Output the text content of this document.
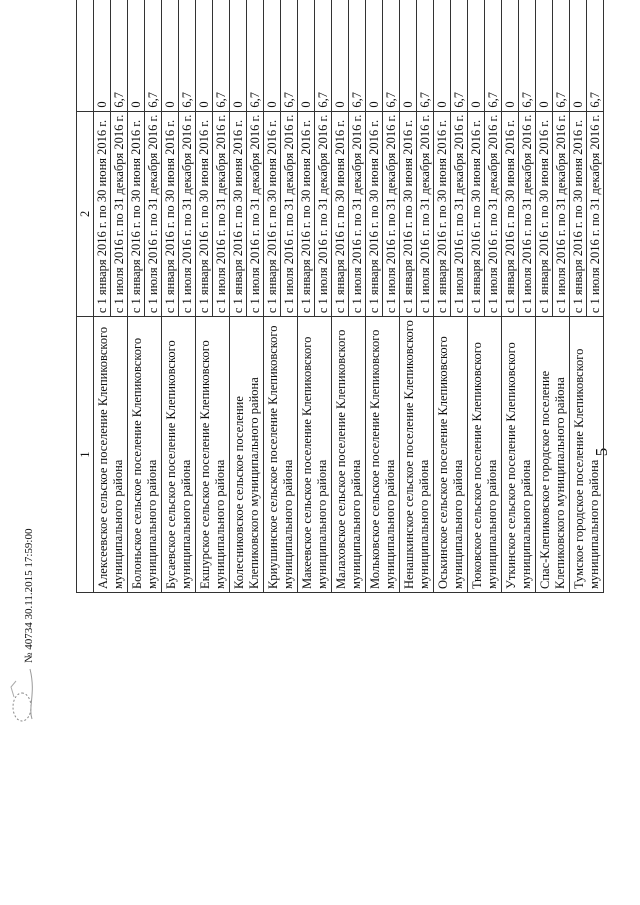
5
1	2	

Алексеевское сельское поселение Клепиковского муниципального района	с 1 января 2016 г. по 30 июня 2016 г.	0
	с 1 июля 2016 г. по 31 декабря 2016 г.	6,7

Болоньское сельское поселение Клепиковского муниципального района	с 1 января 2016 г. по 30 июня 2016 г.	0
	с 1 июля 2016 г. по 31 декабря 2016 г.	6,7

Бусаевское сельское поселение Клепиковского муниципального района	с 1 января 2016 г. по 30 июня 2016 г.	0
	с 1 июля 2016 г. по 31 декабря 2016 г.	6,7

Екшурское сельское поселение Клепиковского муниципального района	с 1 января 2016 г. по 30 июня 2016 г.	0
	с 1 июля 2016 г. по 31 декабря 2016 г.	6,7

Колесниковское сельское поселение Клепиковского муниципального района	с 1 января 2016 г. по 30 июня 2016 г.	0
	с 1 июля 2016 г. по 31 декабря 2016 г.	6,7

Криушинское сельское поселение Клепиковского муниципального района	с 1 января 2016 г. по 30 июня 2016 г.	0
	с 1 июля 2016 г. по 31 декабря 2016 г.	6,7

Макеевское сельское поселение Клепиковского муниципального района	с 1 января 2016 г. по 30 июня 2016 г.	0
	с 1 июля 2016 г. по 31 декабря 2016 г.	6,7

Малаховское сельское поселение Клепиковского муниципального района	с 1 января 2016 г. по 30 июня 2016 г.	0
	с 1 июля 2016 г. по 31 декабря 2016 г.	6,7

Мольковское сельское поселение Клепиковского муниципального района	с 1 января 2016 г. по 30 июня 2016 г.	0
	с 1 июля 2016 г. по 31 декабря 2016 г.	6,7

Ненашкинское сельское поселение Клепиковского муниципального района	с 1 января 2016 г. по 30 июня 2016 г.	0
	с 1 июля 2016 г. по 31 декабря 2016 г.	6,7

Оськинское сельское поселение Клепиковского муниципального района	с 1 января 2016 г. по 30 июня 2016 г.	0
	с 1 июля 2016 г. по 31 декабря 2016 г.	6,7

Тюковское сельское поселение Клепиковского муниципального района	с 1 января 2016 г. по 30 июня 2016 г.	0
	с 1 июля 2016 г. по 31 декабря 2016 г.	6,7

Уткинское сельское поселение Клепиковского муниципального района	с 1 января 2016 г. по 30 июня 2016 г.	0
	с 1 июля 2016 г. по 31 декабря 2016 г.	6,7

Спас-Клепиковское городское поселение Клепиковского муниципального района	с 1 января 2016 г. по 30 июня 2016 г.	0
	с 1 июля 2016 г. по 31 декабря 2016 г.	6,7

Тумское городское поселение Клепиковского муниципального района	с 1 января 2016 г. по 30 июня 2016 г.	0
	с 1 июля 2016 г. по 31 декабря 2016 г.	6,7
№ 40734 30.11.2015 17:59:00
